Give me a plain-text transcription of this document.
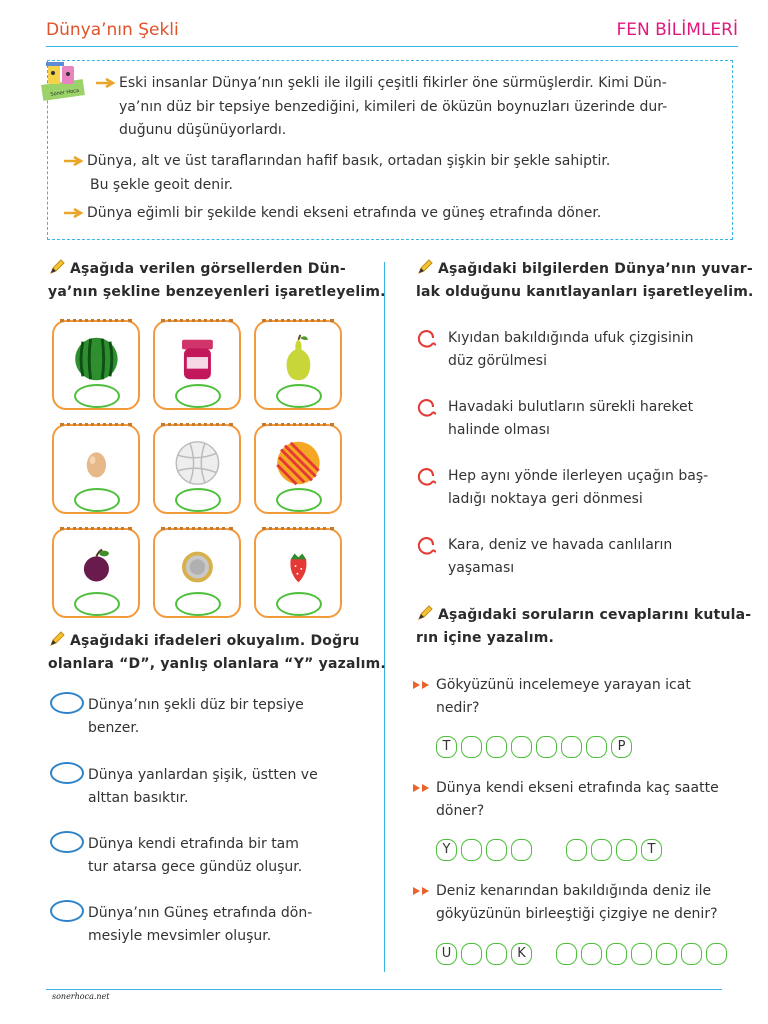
Dünya’nın Şekli	FEN BİLİMLERİ
Soner Hoca
Eski insanlar Dünya’nın şekli ile ilgili çeşitli fikirler öne sürmüşlerdir. Kimi Dün-
ya’nın düz bir tepsiye benzediğini, kimileri de öküzün boynuzları üzerinde dur-
duğunu düşünüyorlardı.
Dünya, alt ve üst taraflarından hafif basık, ortadan şişkin bir şekle sahiptir.
Bu şekle geoit denir.
Dünya eğimli bir şekilde kendi ekseni etrafında ve güneş etrafında döner.
Aşağıda verilen görsellerden Dün-
ya’nın şekline benzeyenleri işaretleyelim.
Aşağıdaki ifadeleri okuyalım. Doğru
olanlara “D”, yanlış olanlara “Y” yazalım.
Dünya’nın şekli düz bir tepsiye
benzer.
Dünya yanlardan şişik, üstten ve
alttan basıktır.
Dünya kendi etrafında bir tam
tur atarsa gece gündüz oluşur.
Dünya’nın Güneş etrafında dön-
mesiyle mevsimler oluşur.
Aşağıdaki bilgilerden Dünya’nın yuvar-
lak olduğunu kanıtlayanları işaretleyelim.
Kıyıdan bakıldığında ufuk çizgisinin
düz görülmesi
Havadaki bulutların sürekli hareket
halinde olması
Hep aynı yönde ilerleyen uçağın baş-
ladığı noktaya geri dönmesi
Kara, deniz ve havada canlıların
yaşaması
Aşağıdaki soruların cevaplarını kutula-
rın içine yazalım.
Gökyüzünü incelemeye yarayan icat
nedir?
T	P
Dünya kendi ekseni etrafında kaç saatte
döner?
Y	T
Deniz kenarından bakıldığında deniz ile
gökyüzünün birleeştiği çizgiye ne denir?
U	K
sonerhoca.net
